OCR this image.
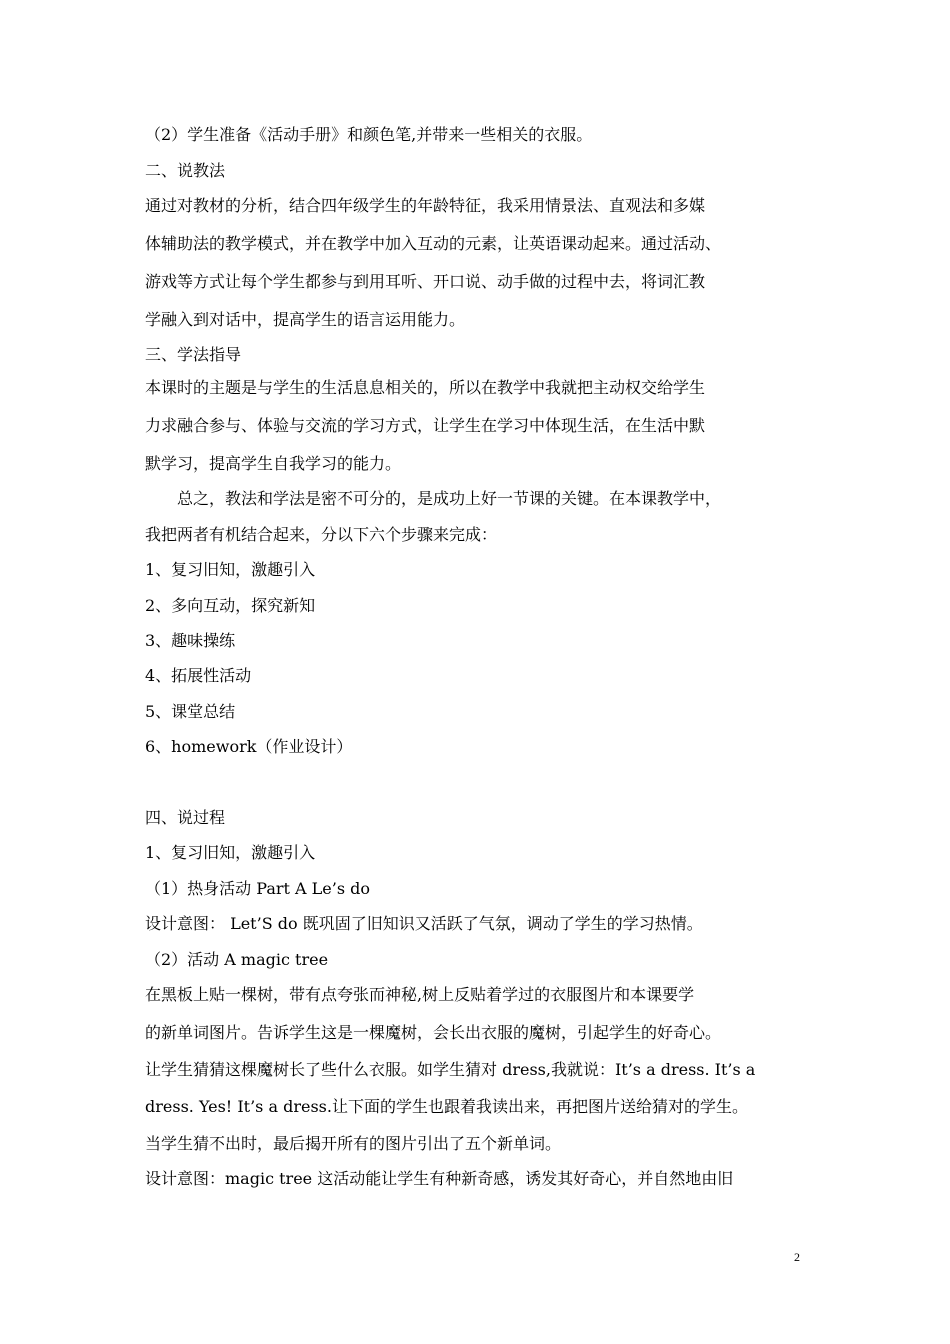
（2）学生准备《活动手册》和颜色笔,并带来一些相关的衣服。
二、说教法
通过对教材的分析，结合四年级学生的年龄特征，我采用情景法、直观法和多媒
体辅助法的教学模式，并在教学中加入互动的元素，让英语课动起来。通过活动、
游戏等方式让每个学生都参与到用耳听、开口说、动手做的过程中去，将词汇教
学融入到对话中，提高学生的语言运用能力。
三、学法指导
本课时的主题是与学生的生活息息相关的，所以在教学中我就把主动权交给学生
力求融合参与、体验与交流的学习方式，让学生在学习中体现生活，在生活中默
默学习，提高学生自我学习的能力。
　　总之，教法和学法是密不可分的，是成功上好一节课的关键。在本课教学中，
我把两者有机结合起来，分以下六个步骤来完成：
1、复习旧知，激趣引入
2、多向互动，探究新知
3、趣味操练
4、拓展性活动
5、课堂总结
6、homework（作业设计）
四、说过程
1、复习旧知，激趣引入
（1）热身活动 Part A Le’s do
设计意图： Let’S do 既巩固了旧知识又活跃了气氛，调动了学生的学习热情。
（2）活动 A magic tree
在黑板上贴一棵树，带有点夸张而神秘,树上反贴着学过的衣服图片和本课要学
的新单词图片。告诉学生这是一棵魔树，会长出衣服的魔树，引起学生的好奇心。
让学生猜猜这棵魔树长了些什么衣服。如学生猜对 dress,我就说：It’s a dress. It’s a
dress. Yes! It’s a dress.让下面的学生也跟着我读出来，再把图片送给猜对的学生。
当学生猜不出时，最后揭开所有的图片引出了五个新单词。
设计意图：magic tree 这活动能让学生有种新奇感，诱发其好奇心，并自然地由旧
2
